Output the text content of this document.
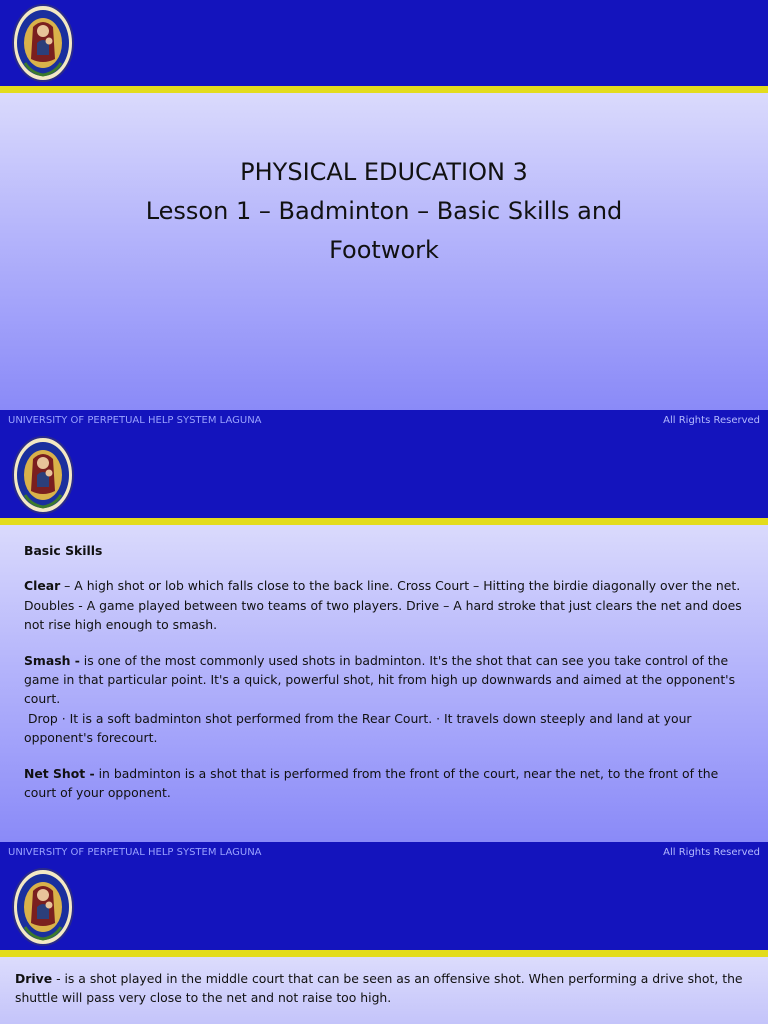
PHYSICAL EDUCATION 3
Lesson 1 – Badminton – Basic Skills and
Footwork
UNIVERSITY OF PERPETUAL HELP SYSTEM LAGUNA	All Rights Reserved

Basic Skills

Clear – A high shot or lob which falls close to the back line. Cross Court – Hitting the birdie diagonally over the net. Doubles - A game played between two teams of two players. Drive – A hard stroke that just clears the net and does not rise high enough to smash.

Smash - is one of the most commonly used shots in badminton. It's the shot that can see you take control of the game in that particular point. It's a quick, powerful shot, hit from high up downwards and aimed at the opponent's court.
Drop · It is a soft badminton shot performed from the Rear Court. · It travels down steeply and land at your opponent's forecourt.

Net Shot - in badminton is a shot that is performed from the front of the court, near the net, to the front of the court of your opponent.

UNIVERSITY OF PERPETUAL HELP SYSTEM LAGUNA	All Rights Reserved

Drive - is a shot played in the middle court that can be seen as an offensive shot. When performing a drive shot, the shuttle will pass very close to the net and not raise too high.
